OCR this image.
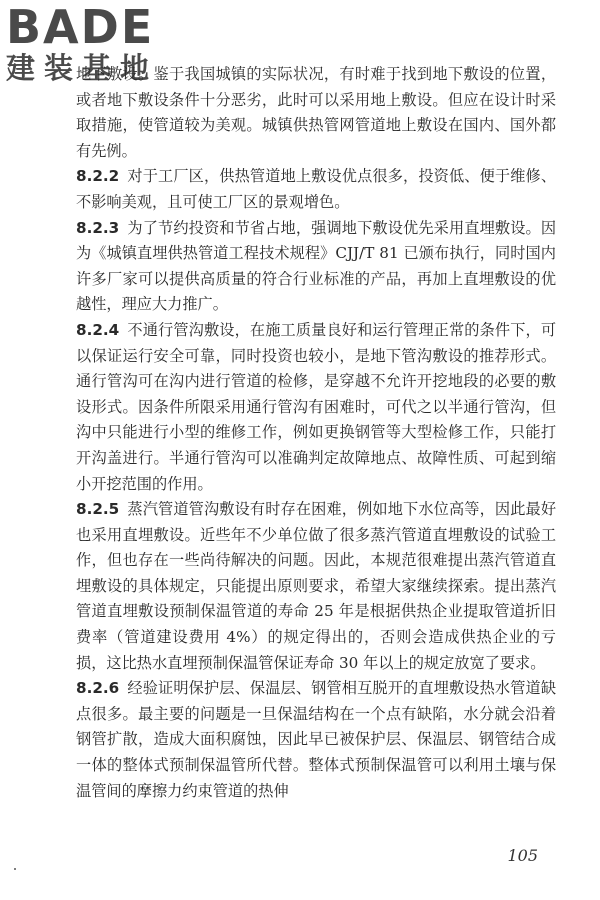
BADE
建装基地

地下敷设。鉴于我国城镇的实际状况，有时难于找到地下敷设的位置，或者地下敷设条件十分恶劣，此时可以采用地上敷设。但应在设计时采取措施，使管道较为美观。城镇供热管网管道地上敷设在国内、国外都有先例。

8.2.2 对于工厂区，供热管道地上敷设优点很多，投资低、便于维修、不影响美观，且可使工厂区的景观增色。

8.2.3 为了节约投资和节省占地，强调地下敷设优先采用直埋敷设。因为《城镇直埋供热管道工程技术规程》CJJ/T 81 已颁布执行，同时国内许多厂家可以提供高质量的符合行业标准的产品，再加上直埋敷设的优越性，理应大力推广。

8.2.4 不通行管沟敷设，在施工质量良好和运行管理正常的条件下，可以保证运行安全可靠，同时投资也较小，是地下管沟敷设的推荐形式。通行管沟可在沟内进行管道的检修，是穿越不允许开挖地段的必要的敷设形式。因条件所限采用通行管沟有困难时，可代之以半通行管沟，但沟中只能进行小型的维修工作，例如更换钢管等大型检修工作，只能打开沟盖进行。半通行管沟可以准确判定故障地点、故障性质、可起到缩小开挖范围的作用。

8.2.5 蒸汽管道管沟敷设有时存在困难，例如地下水位高等，因此最好也采用直埋敷设。近些年不少单位做了很多蒸汽管道直埋敷设的试验工作，但也存在一些尚待解决的问题。因此，本规范很难提出蒸汽管道直埋敷设的具体规定，只能提出原则要求，希望大家继续探索。提出蒸汽管道直埋敷设预制保温管道的寿命 25 年是根据供热企业提取管道折旧费率（管道建设费用 4%）的规定得出的，否则会造成供热企业的亏损，这比热水直埋预制保温管保证寿命 30 年以上的规定放宽了要求。

8.2.6 经验证明保护层、保温层、钢管相互脱开的直埋敷设热水管道缺点很多。最主要的问题是一旦保温结构在一个点有缺陷，水分就会沿着钢管扩散，造成大面积腐蚀，因此早已被保护层、保温层、钢管结合成一体的整体式预制保温管所代替。整体式预制保温管可以利用土壤与保温管间的摩擦力约束管道的热伸

105
